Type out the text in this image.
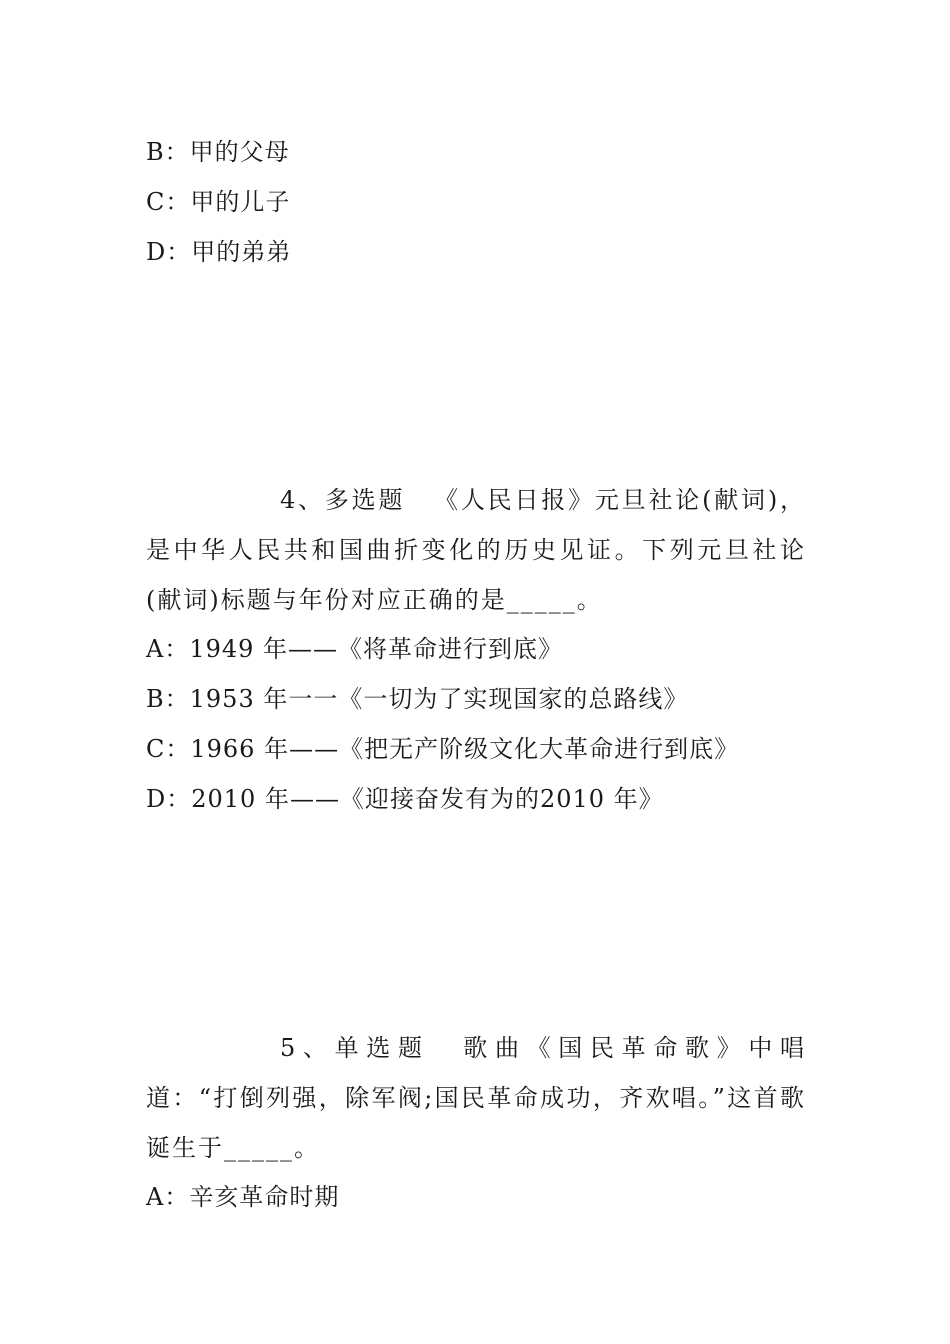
B：甲的父母
C：甲的儿子
D：甲的弟弟
4、多选题 《人民日报》元旦社论(献词)，是中华人民共和国曲折变化的历史见证。下列元旦社论(献词)标题与年份对应正确的是_____。
A：1949 年——《将革命进行到底》
B：1953 年一一《一切为了实现国家的总路线》
C：1966 年——《把无产阶级文化大革命进行到底》
D：2010 年——《迎接奋发有为的2010 年》
5、单选题 歌曲《国民革命歌》中唱道：“打倒列强，除军阀;国民革命成功，齐欢唱。”这首歌诞生于_____。
A：辛亥革命时期
